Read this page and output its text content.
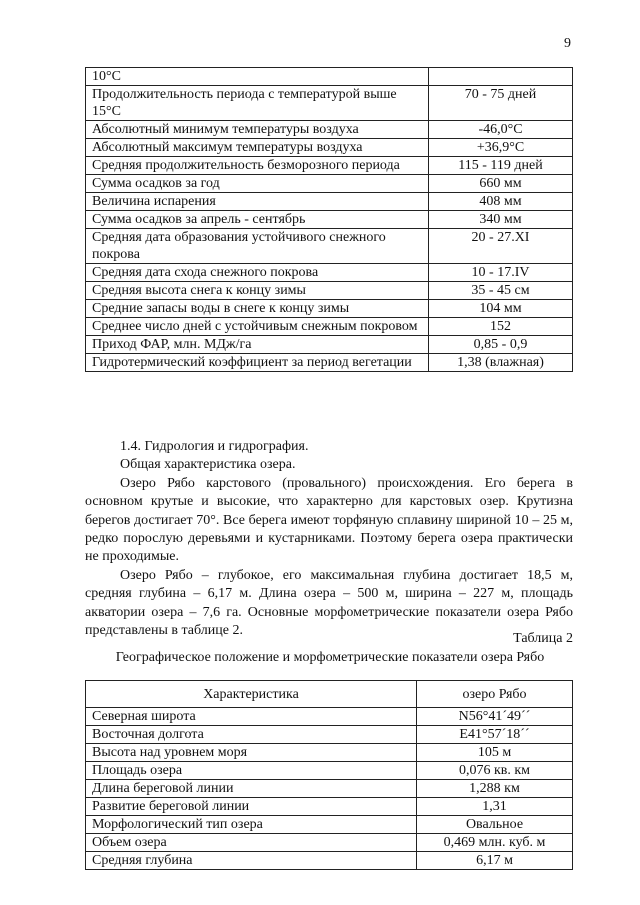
9
10°C	
Продолжительность периода с температурой выше 15°C	70 - 75 дней
Абсолютный минимум температуры воздуха	-46,0°C
Абсолютный максимум температуры воздуха	+36,9°C
Средняя продолжительность безморозного периода	115 - 119 дней
Сумма осадков за год	660 мм
Величина испарения	408 мм
Сумма осадков за апрель - сентябрь	340 мм
Средняя дата образования устойчивого снежного покрова	20 - 27.XI
Средняя дата схода снежного покрова	10 - 17.IV
Средняя высота снега к концу зимы	35 - 45 см
Средние запасы воды в снеге к концу зимы	104 мм
Среднее число дней с устойчивым снежным покровом	152
Приход ФАР, млн. МДж/га	0,85 - 0,9
Гидротермический коэффициент за период вегетации	1,38 (влажная)

1.4. Гидрология и гидрография.

Общая характеристика озера.

Озеро Рябо карстового (провального) происхождения. Его берега в основном крутые и высокие, что характерно для карстовых озер. Крутизна берегов достигает 70°. Все берега имеют торфяную сплавину шириной 10 – 25 м, редко порослую деревьями и кустарниками. Поэтому берега озера практически не проходимые.

Озеро Рябо – глубокое, его максимальная глубина достигает 18,5 м, средняя глубина – 6,17 м. Длина озера – 500 м, ширина – 227 м, площадь акватории озера – 7,6 га. Основные морфометрические показатели озера Рябо представлены в таблице 2.

Таблица 2
Географическое положение и морфометрические показатели озера Рябо
Характеристика	озеро Рябо
Северная широта	N56°41´49´´
Восточная долгота	E41°57´18´´
Высота над уровнем моря	105 м
Площадь озера	0,076 кв. км
Длина береговой линии	1,288 км
Развитие береговой линии	1,31
Морфологический тип озера	Овальное
Объем озера	0,469 млн. куб. м
Средняя глубина	6,17 м
